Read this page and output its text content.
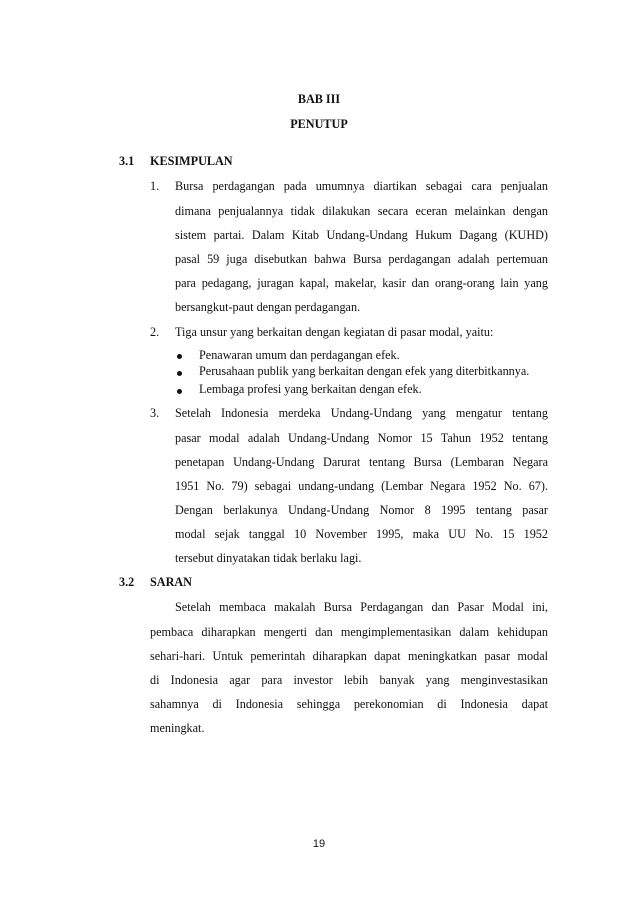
BAB III
PENUTUP
3.1 KESIMPULAN
1. Bursa perdagangan pada umumnya diartikan sebagai cara penjualan
dimana penjualannya tidak dilakukan secara eceran melainkan dengan
sistem partai. Dalam Kitab Undang-Undang Hukum Dagang (KUHD)
pasal 59 juga disebutkan bahwa Bursa perdagangan adalah pertemuan
para pedagang, juragan kapal, makelar, kasir dan orang-orang lain yang
bersangkut-paut dengan perdagangan.
2. Tiga unsur yang berkaitan dengan kegiatan di pasar modal, yaitu:
Penawaran umum dan perdagangan efek.
Perusahaan publik yang berkaitan dengan efek yang diterbitkannya.
Lembaga profesi yang berkaitan dengan efek.
3. Setelah Indonesia merdeka Undang-Undang yang mengatur tentang
pasar modal adalah Undang-Undang Nomor 15 Tahun 1952 tentang
penetapan Undang-Undang Darurat tentang Bursa (Lembaran Negara
1951 No. 79) sebagai undang-undang (Lembar Negara 1952 No. 67).
Dengan berlakunya Undang-Undang Nomor 8 1995 tentang pasar
modal sejak tanggal 10 November 1995, maka UU No. 15 1952
tersebut dinyatakan tidak berlaku lagi.
3.2 SARAN
Setelah membaca makalah Bursa Perdagangan dan Pasar Modal ini,
pembaca diharapkan mengerti dan mengimplementasikan dalam kehidupan
sehari-hari. Untuk pemerintah diharapkan dapat meningkatkan pasar modal
di Indonesia agar para investor lebih banyak yang menginvestasikan
sahamnya di Indonesia sehingga perekonomian di Indonesia dapat
meningkat.
19
